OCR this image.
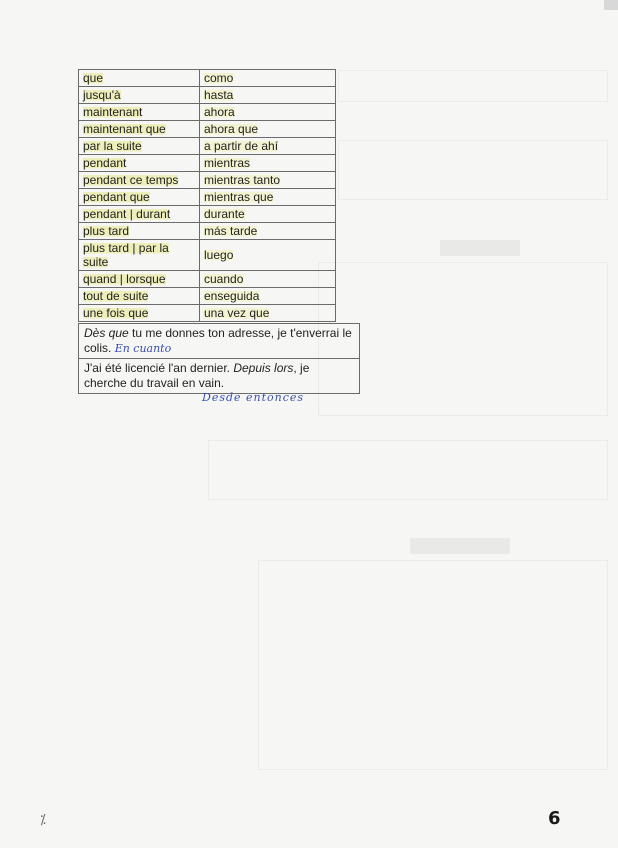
que	como
jusqu'à	hasta
maintenant	ahora
maintenant que	ahora que
par la suite	a partir de ahí
pendant	mientras
pendant ce temps	mientras tanto
pendant que	mientras que
pendant | durant	durante
plus tard	más tarde
plus tard | par la suite	luego
quand | lorsque	cuando
tout de suite	enseguida
une fois que	una vez que
Dès que tu me donnes ton adresse, je t'enverrai le colis. En cuanto
J'ai été licencié l'an dernier. Depuis lors, je cherche du travail en vain.
Desde entonces
⁒	6
